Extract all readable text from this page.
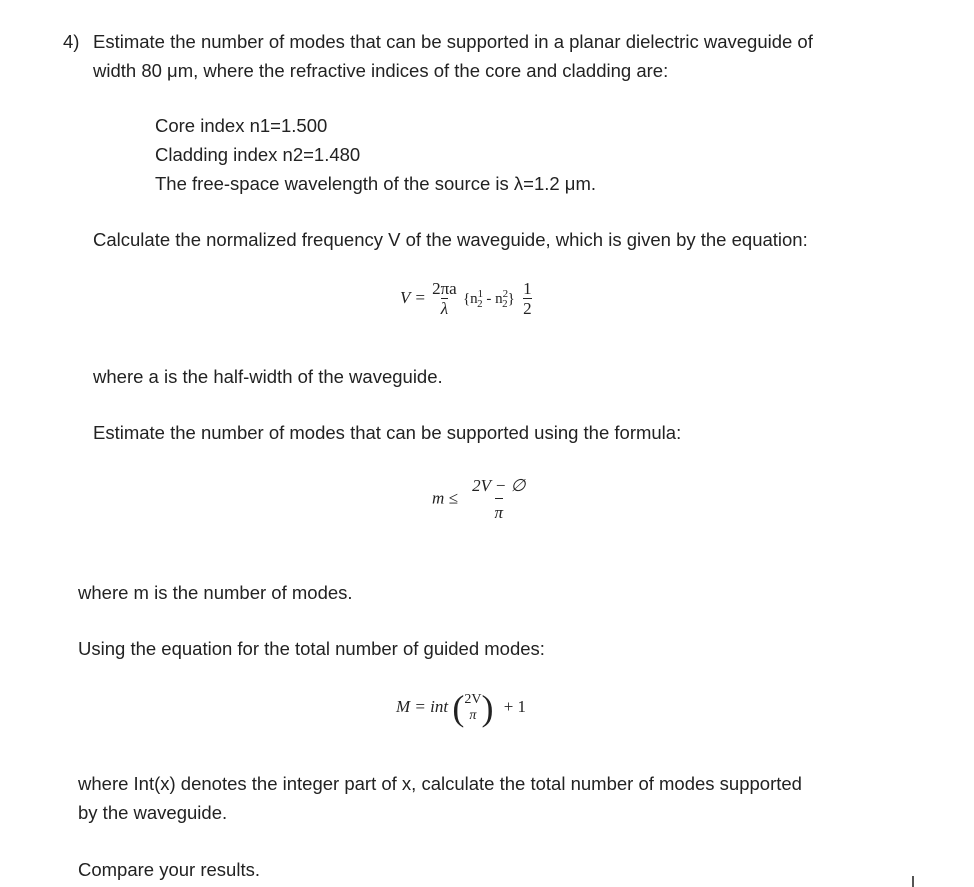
4) Estimate the number of modes that can be supported in a planar dielectric waveguide of
width 80 μm, where the refractive indices of the core and cladding are:
Core index n1=1.500
Cladding index n2=1.480
The free-space wavelength of the source is λ=1.2 μm.
Calculate the normalized frequency V of the waveguide, which is given by the equation:
$V = \frac{2\pi a}{\lambda} \{n^1_2 - n^2_2\} \frac{1}{2}$
where a is the half-width of the waveguide.
Estimate the number of modes that can be supported using the formula:
$m \le \frac{2V - \emptyset}{\pi}$
where m is the number of modes.
Using the equation for the total number of guided modes:
M = int ( 2V
π ) + 1
where Int(x) denotes the integer part of x, calculate the total number of modes supported
by the waveguide.
Compare your results.
